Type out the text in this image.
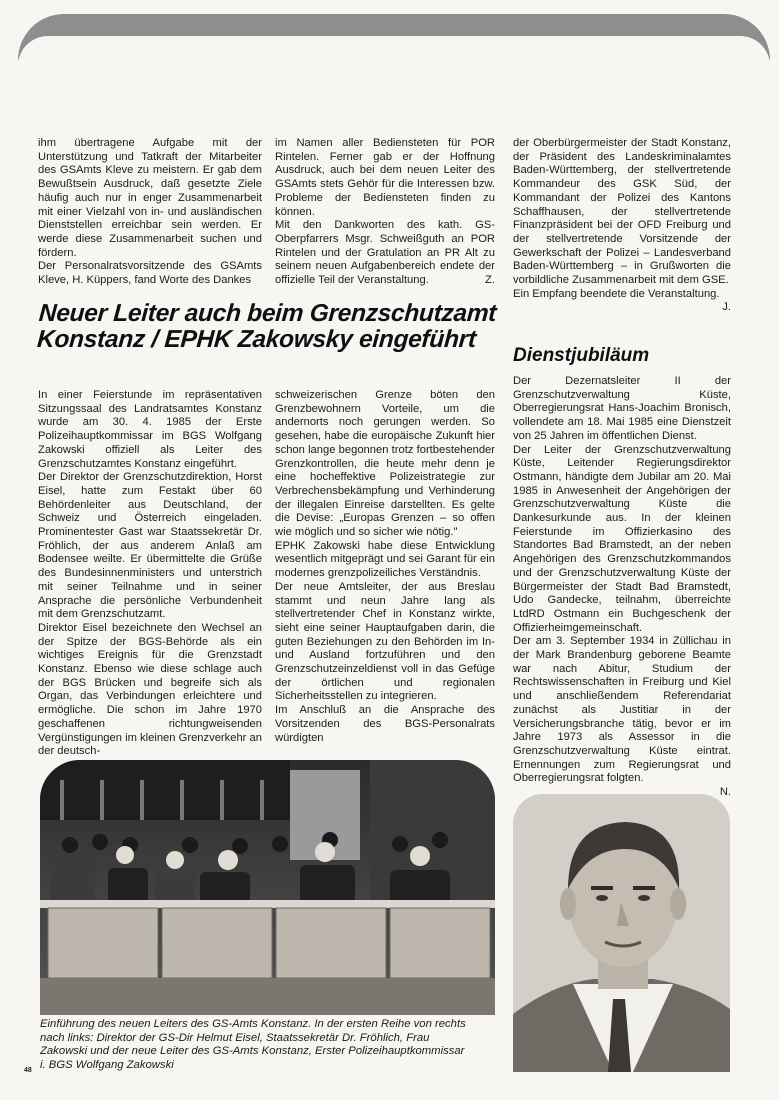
ihm übertragene Aufgabe mit der Unterstützung und Tatkraft der Mitarbeiter des GSAmts Kleve zu meistern. Er gab dem Bewußtsein Ausdruck, daß gesetzte Ziele häufig auch nur in enger Zusammenarbeit mit einer Vielzahl von in- und ausländischen Dienststellen erreichbar sein werden. Er werde diese Zusammenarbeit suchen und fördern.

Der Personalratsvorsitzende des GSAmts Kleve, H. Küppers, fand Worte des Dankes

im Namen aller Bediensteten für POR Rintelen. Ferner gab er der Hoffnung Ausdruck, auch bei dem neuen Leiter des GSAmts stets Gehör für die Interessen bzw. Probleme der Bediensteten finden zu können.

Mit den Dankworten des kath. GS-Oberpfarrers Msgr. Schweißguth an POR Rintelen und der Gratulation an PR Alt zu seinem neuen Aufgabenbereich endete der offizielle Teil der Veranstaltung.	Z.

der Oberbürgermeister der Stadt Konstanz, der Präsident des Landeskriminalamtes Baden-Württemberg, der stellvertretende Kommandeur des GSK Süd, der Kommandant der Polizei des Kantons Schaffhausen, der stellvertretende Finanzpräsident bei der OFD Freiburg und der stellvertretende Vorsitzende der Gewerkschaft der Polizei – Landesverband Baden-Württemberg – in Grußworten die vorbildliche Zusammenarbeit mit dem GSE.

Ein Empfang beendete die Veranstaltung.

J.

Neuer Leiter auch beim Grenzschutzamt Konstanz / EPHK Zakowsky eingeführt
Dienstjubiläum

In einer Feierstunde im repräsentativen Sitzungssaal des Landratsamtes Konstanz wurde am 30. 4. 1985 der Erste Polizeihauptkommissar im BGS Wolfgang Zakowski offiziell als Leiter des Grenzschutzamtes Konstanz eingeführt.

Der Direktor der Grenzschutzdirektion, Horst Eisel, hatte zum Festakt über 60 Behördenleiter aus Deutschland, der Schweiz und Österreich eingeladen. Prominentester Gast war Staatssekretär Dr. Fröhlich, der aus anderem Anlaß am Bodensee weilte. Er übermittelte die Grüße des Bundesinnenministers und unterstrich mit seiner Teilnahme und in seiner Ansprache die persönliche Verbundenheit mit dem Grenzschutzamt.

Direktor Eisel bezeichnete den Wechsel an der Spitze der BGS-Behörde als ein wichtiges Ereignis für die Grenzstadt Konstanz. Ebenso wie diese schlage auch der BGS Brücken und begreife sich als Organ, das Verbindungen erleichtere und ermögliche. Die schon im Jahre 1970 geschaffenen richtungweisenden Vergünstigungen im kleinen Grenzverkehr an der deutsch-

schweizerischen Grenze böten den Grenzbewohnern Vorteile, um die andernorts noch gerungen werden. So gesehen, habe die europäische Zukunft hier schon lange begonnen trotz fortbestehender Grenzkontrollen, die heute mehr denn je eine hocheffektive Polizeistrategie zur Verbrechensbekämpfung und Verhinderung der illegalen Einreise darstellten. Es gelte die Devise: „Europas Grenzen – so offen wie möglich und so sicher wie nötig."

EPHK Zakowski habe diese Entwicklung wesentlich mitgeprägt und sei Garant für ein modernes grenzpolizeiliches Verständnis.

Der neue Amtsleiter, der aus Breslau stammt und neun Jahre lang als stellvertretender Chef in Konstanz wirkte, sieht eine seiner Hauptaufgaben darin, die guten Beziehungen zu den Behörden im In- und Ausland fortzuführen und den Grenzschutzeinzeldienst voll in das Gefüge der örtlichen und regionalen Sicherheitsstellen zu integrieren.

Im Anschluß an die Ansprache des Vorsitzenden des BGS-Personalrats würdigten

Der Dezernatsleiter II der Grenzschutzverwaltung Küste, Oberregierungsrat Hans-Joachim Bronisch, vollendete am 18. Mai 1985 eine Dienstzeit von 25 Jahren im öffentlichen Dienst.

Der Leiter der Grenzschutzverwaltung Küste, Leitender Regierungsdirektor Ostmann, händigte dem Jubilar am 20. Mai 1985 in Anwesenheit der Angehörigen der Grenzschutzverwaltung Küste die Dankesurkunde aus. In der kleinen Feierstunde im Offizierkasino des Standortes Bad Bramstedt, an der neben Angehörigen des Grenzschutzkommandos und der Grenzschutzverwaltung Küste der Bürgermeister der Stadt Bad Bramstedt, Udo Gandecke, teilnahm, überreichte LtdRD Ostmann ein Buchgeschenk der Offizierheimgemeinschaft.

Der am 3. September 1934 in Züllichau in der Mark Brandenburg geborene Beamte war nach Abitur, Studium der Rechtswissenschaften in Freiburg und Kiel und anschließendem Referendariat zunächst als Justitiar in der Versicherungsbranche tätig, bevor er im Jahre 1973 als Assessor in die Grenzschutzverwaltung Küste eintrat. Ernennungen zum Regierungsrat und Oberregierungsrat folgten.

N.

Einführung des neuen Leiters des GS-Amts Konstanz. In der ersten Reihe von rechts nach links: Direktor der GS-Dir Helmut Eisel, Staatssekretär Dr. Fröhlich, Frau Zakowski und der neue Leiter des GS-Amts Konstanz, Erster Polizeihauptkommissar i. BGS Wolfgang Zakowski
48
